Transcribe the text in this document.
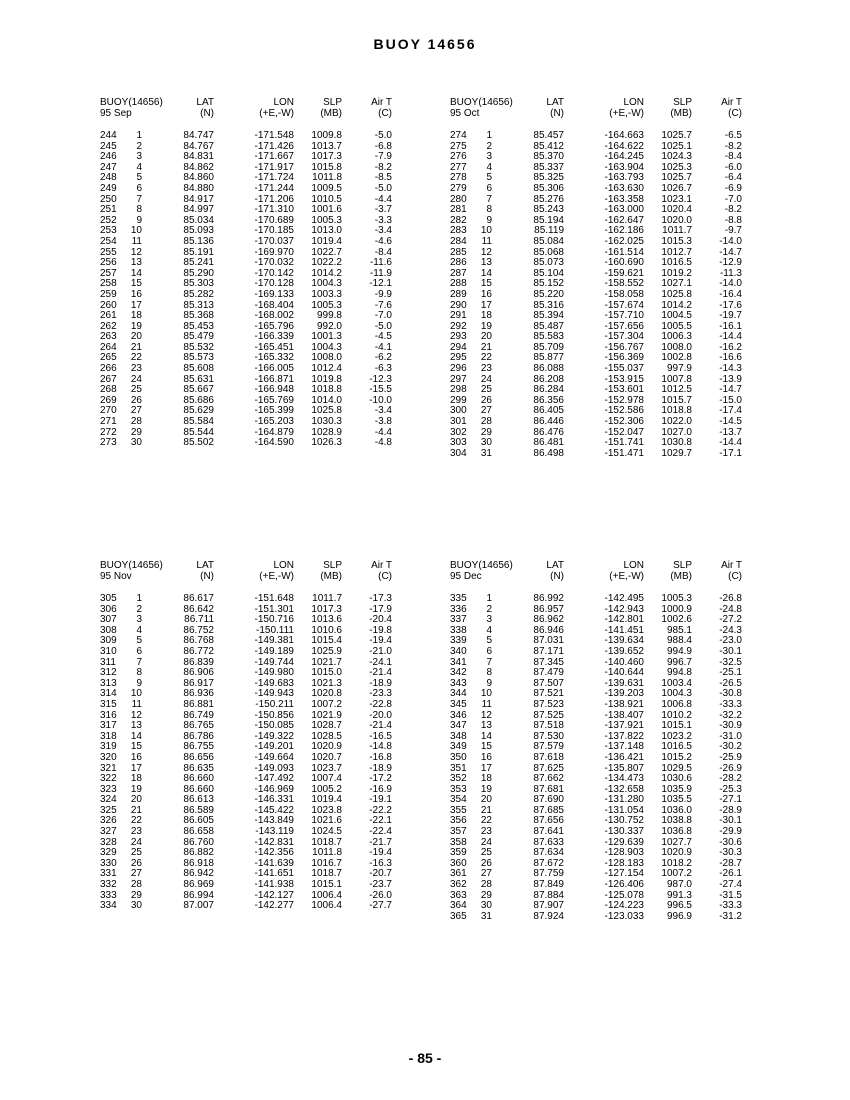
BUOY 14656
BUOY(14656)	LAT	LON	SLP	Air T
95 Sep	(N)	(+E,-W)	(MB)	(C)
244	1	84.747	-171.548	1009.8	-5.0
245	2	84.767	-171.426	1013.7	-6.8
246	3	84.831	-171.667	1017.3	-7.9
247	4	84.862	-171.917	1015.8	-8.2
248	5	84.860	-171.724	1011.8	-8.5
249	6	84.880	-171.244	1009.5	-5.0
250	7	84.917	-171.206	1010.5	-4.4
251	8	84.997	-171.310	1001.6	-3.7
252	9	85.034	-170.689	1005.3	-3.3
253	10	85.093	-170.185	1013.0	-3.4
254	11	85.136	-170.037	1019.4	-4.6
255	12	85.191	-169.970	1022.7	-8.4
256	13	85.241	-170.032	1022.2	-11.6
257	14	85.290	-170.142	1014.2	-11.9
258	15	85.303	-170.128	1004.3	-12.1
259	16	85.282	-169.133	1003.3	-9.9
260	17	85.313	-168.404	1005.3	-7.6
261	18	85.368	-168.002	999.8	-7.0
262	19	85.453	-165.796	992.0	-5.0
263	20	85.479	-166.339	1001.3	-4.5
264	21	85.532	-165.451	1004.3	-4.1
265	22	85.573	-165.332	1008.0	-6.2
266	23	85.608	-166.005	1012.4	-6.3
267	24	85.631	-166.871	1019.8	-12.3
268	25	85.667	-166.948	1018.8	-15.5
269	26	85.686	-165.769	1014.0	-10.0
270	27	85.629	-165.399	1025.8	-3.4
271	28	85.584	-165.203	1030.3	-3.8
272	29	85.544	-164.879	1028.9	-4.4
273	30	85.502	-164.590	1026.3	-4.8
BUOY(14656)	LAT	LON	SLP	Air T
95 Oct	(N)	(+E,-W)	(MB)	(C)
274	1	85.457	-164.663	1025.7	-6.5
275	2	85.412	-164.622	1025.1	-8.2
276	3	85.370	-164.245	1024.3	-8.4
277	4	85.337	-163.904	1025.3	-6.0
278	5	85.325	-163.793	1025.7	-6.4
279	6	85.306	-163.630	1026.7	-6.9
280	7	85.276	-163.358	1023.1	-7.0
281	8	85.243	-163.000	1020.4	-8.2
282	9	85.194	-162.647	1020.0	-8.8
283	10	85.119	-162.186	1011.7	-9.7
284	11	85.084	-162.025	1015.3	-14.0
285	12	85.068	-161.514	1012.7	-14.7
286	13	85.073	-160.690	1016.5	-12.9
287	14	85.104	-159.621	1019.2	-11.3
288	15	85.152	-158.552	1027.1	-14.0
289	16	85.220	-158.058	1025.8	-16.4
290	17	85.316	-157.674	1014.2	-17.6
291	18	85.394	-157.710	1004.5	-19.7
292	19	85.487	-157.656	1005.5	-16.1
293	20	85.583	-157.304	1006.3	-14.4
294	21	85.709	-156.767	1008.0	-16.2
295	22	85.877	-156.369	1002.8	-16.6
296	23	86.088	-155.037	997.9	-14.3
297	24	86.208	-153.915	1007.8	-13.9
298	25	86.284	-153.601	1012.5	-14.7
299	26	86.356	-152.978	1015.7	-15.0
300	27	86.405	-152.586	1018.8	-17.4
301	28	86.446	-152.306	1022.0	-14.5
302	29	86.476	-152.047	1027.0	-13.7
303	30	86.481	-151.741	1030.8	-14.4
304	31	86.498	-151.471	1029.7	-17.1
BUOY(14656)	LAT	LON	SLP	Air T
95 Nov	(N)	(+E,-W)	(MB)	(C)
305	1	86.617	-151.648	1011.7	-17.3
306	2	86.642	-151.301	1017.3	-17.9
307	3	86.711	-150.716	1013.6	-20.4
308	4	86.752	-150.111	1010.6	-19.8
309	5	86.768	-149.381	1015.4	-19.4
310	6	86.772	-149.189	1025.9	-21.0
311	7	86.839	-149.744	1021.7	-24.1
312	8	86.906	-149.980	1015.0	-21.4
313	9	86.917	-149.683	1021.3	-18.9
314	10	86.936	-149.943	1020.8	-23.3
315	11	86.881	-150.211	1007.2	-22.8
316	12	86.749	-150.856	1021.9	-20.0
317	13	86.765	-150.085	1028.7	-21.4
318	14	86.786	-149.322	1028.5	-16.5
319	15	86.755	-149.201	1020.9	-14.8
320	16	86.656	-149.664	1020.7	-16.8
321	17	86.635	-149.093	1023.7	-18.9
322	18	86.660	-147.492	1007.4	-17.2
323	19	86.660	-146.969	1005.2	-16.9
324	20	86.613	-146.331	1019.4	-19.1
325	21	86.589	-145.422	1023.8	-22.2
326	22	86.605	-143.849	1021.6	-22.1
327	23	86.658	-143.119	1024.5	-22.4
328	24	86.760	-142.831	1018.7	-21.7
329	25	86.882	-142.356	1011.8	-19.4
330	26	86.918	-141.639	1016.7	-16.3
331	27	86.942	-141.651	1018.7	-20.7
332	28	86.969	-141.938	1015.1	-23.7
333	29	86.994	-142.127	1006.4	-26.0
334	30	87.007	-142.277	1006.4	-27.7
BUOY(14656)	LAT	LON	SLP	Air T
95 Dec	(N)	(+E,-W)	(MB)	(C)
335	1	86.992	-142.495	1005.3	-26.8
336	2	86.957	-142.943	1000.9	-24.8
337	3	86.962	-142.801	1002.6	-27.2
338	4	86.946	-141.451	985.1	-24.3
339	5	87.031	-139.634	988.4	-23.0
340	6	87.171	-139.652	994.9	-30.1
341	7	87.345	-140.460	996.7	-32.5
342	8	87.479	-140.644	994.8	-25.1
343	9	87.507	-139.631	1003.4	-26.5
344	10	87.521	-139.203	1004.3	-30.8
345	11	87.523	-138.921	1006.8	-33.3
346	12	87.525	-138.407	1010.2	-32.2
347	13	87.518	-137.921	1015.1	-30.9
348	14	87.530	-137.822	1023.2	-31.0
349	15	87.579	-137.148	1016.5	-30.2
350	16	87.618	-136.421	1015.2	-25.9
351	17	87.625	-135.807	1029.5	-26.9
352	18	87.662	-134.473	1030.6	-28.2
353	19	87.681	-132.658	1035.9	-25.3
354	20	87.690	-131.280	1035.5	-27.1
355	21	87.685	-131.054	1036.0	-28.9
356	22	87.656	-130.752	1038.8	-30.1
357	23	87.641	-130.337	1036.8	-29.9
358	24	87.633	-129.639	1027.7	-30.6
359	25	87.634	-128.903	1020.9	-30.3
360	26	87.672	-128.183	1018.2	-28.7
361	27	87.759	-127.154	1007.2	-26.1
362	28	87.849	-126.406	987.0	-27.4
363	29	87.884	-125.078	991.3	-31.5
364	30	87.907	-124.223	996.5	-33.3
365	31	87.924	-123.033	996.9	-31.2
- 85 -
